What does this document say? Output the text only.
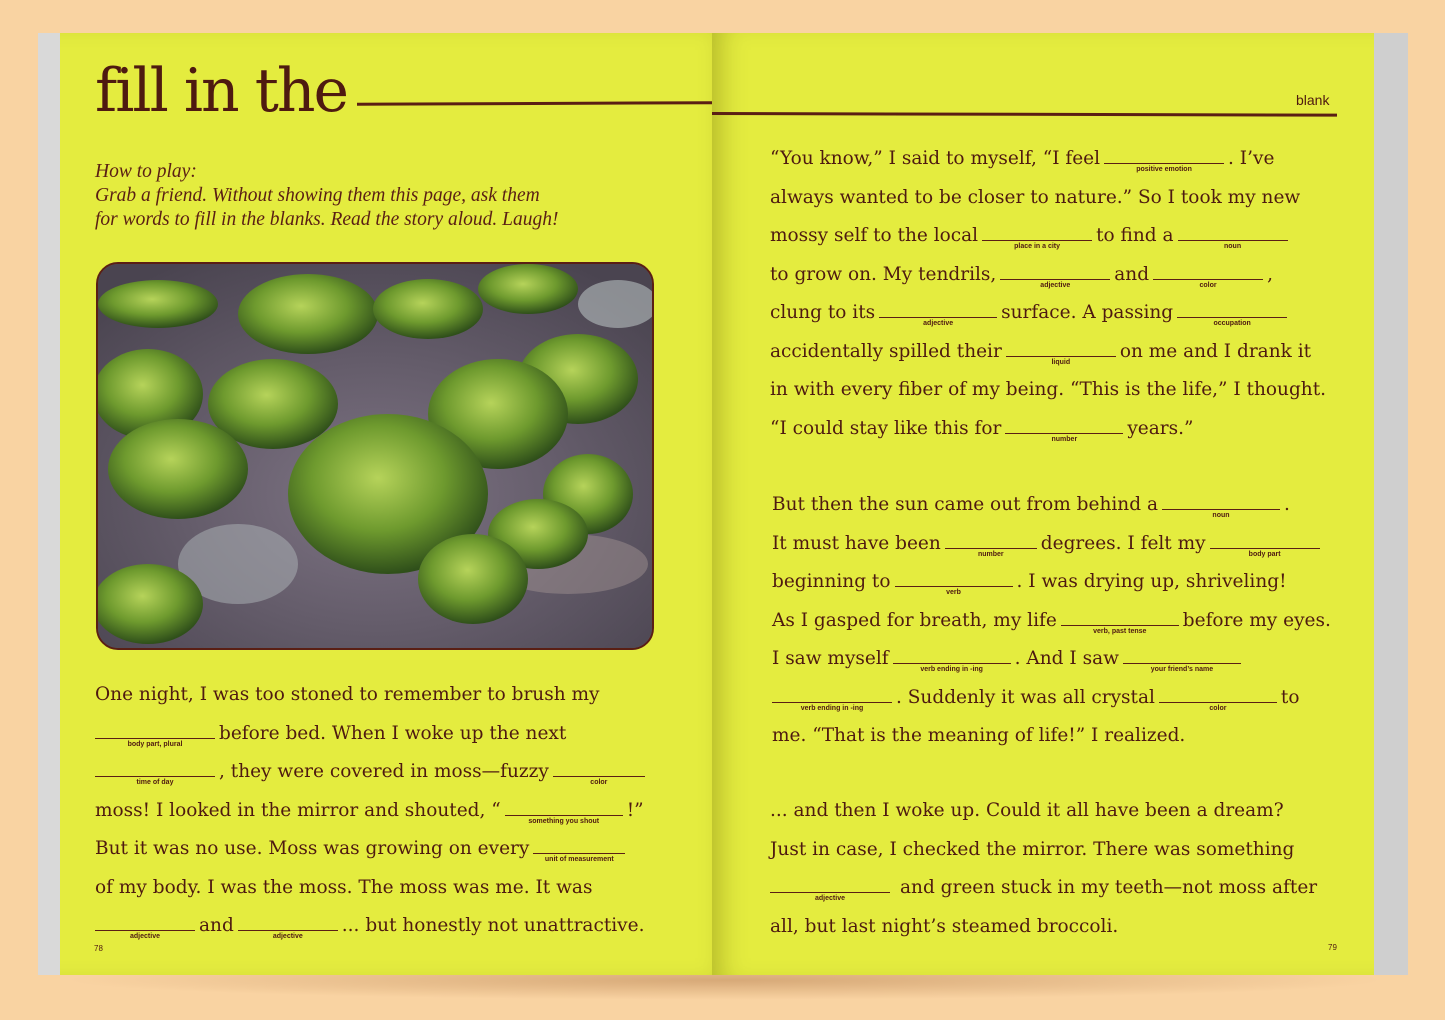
fill in the	blank
How to play:
Grab a friend. Without showing them this page, ask them
for words to fill in the blanks. Read the story aloud. Laugh!
One night, I was too stoned to remember to brush my
body part, plural
before bed. When I woke up the next
time of day
, they were covered in moss—fuzzy
color
moss! I looked in the mirror and shouted, “
something you shout
!”
But it was no use. Moss was growing on every
unit of measurement
of my body. I was the moss. The moss was me. It was
adjective
and
adjective
... but honestly not unattractive.
“You know,” I said to myself, “I feel
positive emotion
. I’ve
always wanted to be closer to nature.” So I took my new
mossy self to the local
place in a city
to find a
noun
to grow on. My tendrils,
adjective
and
color
,
clung to its
adjective
surface. A passing
occupation
accidentally spilled their
liquid
on me and I drank it
in with every fiber of my being. “This is the life,” I thought.
“I could stay like this for
number
years.”
But then the sun came out from behind a
noun
.
It must have been
number
degrees. I felt my
body part
beginning to
verb
. I was drying up, shriveling!
As I gasped for breath, my life
verb, past tense
before my eyes.
I saw myself
verb ending in -ing
. And I saw
your friend’s name
verb ending in -ing
. Suddenly it was all crystal
color
to
me. “That is the meaning of life!” I realized.
... and then I woke up. Could it all have been a dream?
Just in case, I checked the mirror. There was something
adjective
and green stuck in my teeth—not moss after
all, but last night’s steamed broccoli.
78	79
